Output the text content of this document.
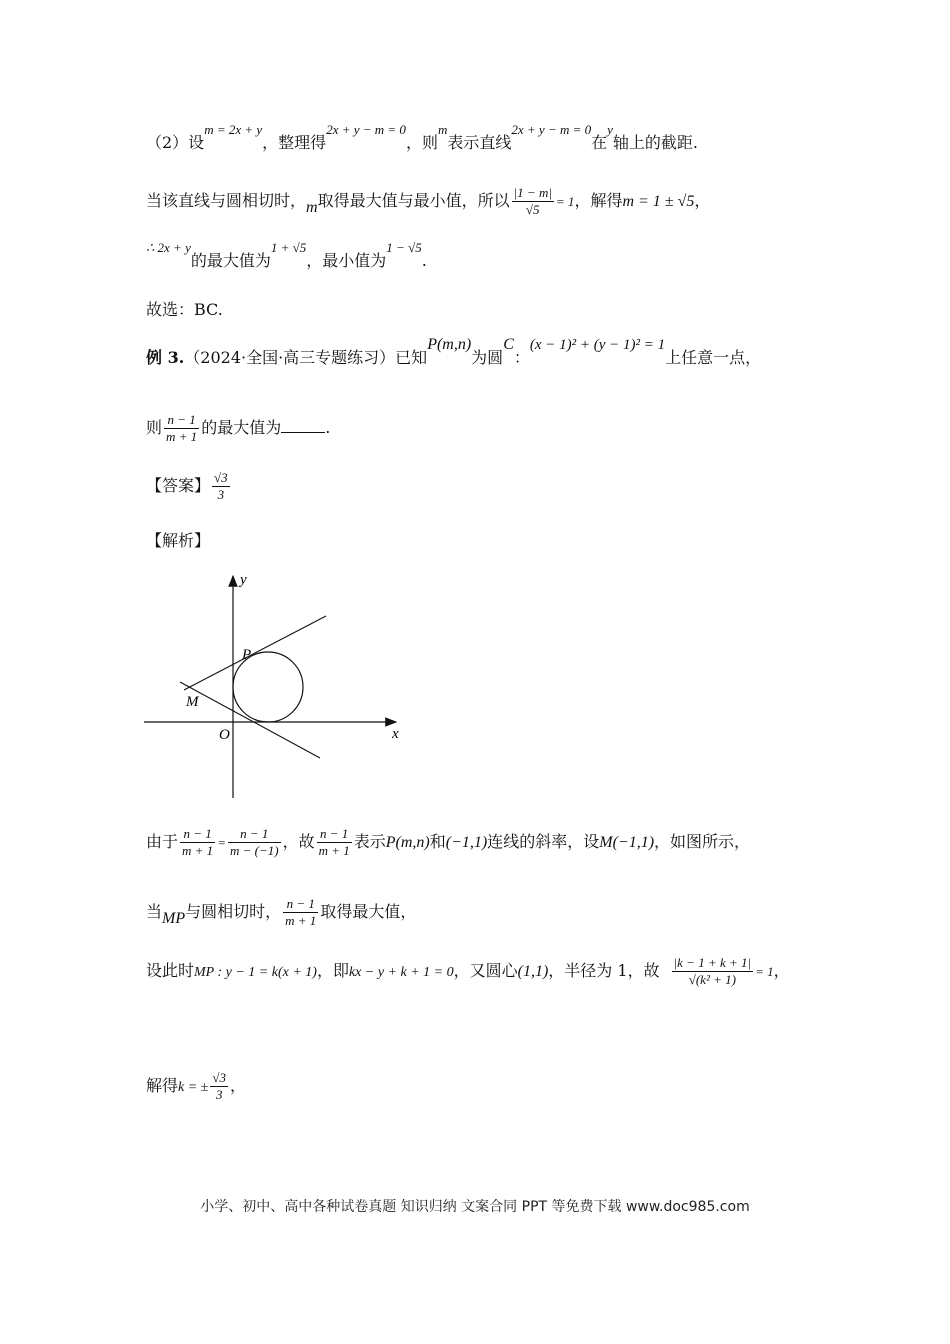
（2）设$^{m = 2x + y}$，整理得$^{2x + y - m = 0}$，则$^m$表示直线$^{2x + y - m = 0}$在$^y$轴上的截距.
当该直线与圆相切时，m取得最大值与最小值，所以 $\frac{|1 - m|}{√5} = 1$，解得m = 1 ± √5，
$^{\therefore 2x + y}$的最大值为$^{1 + √5}$，最小值为$^{1 - √5}$.
故选：BC.
例 3.（2024·全国·高三专题练习）已知P(m,n)为圆C：(x − 1)² + (y − 1)² = 1上任意一点，
则 $\frac{n - 1}{m + 1}$ 的最大值为	.
【答案】 $\frac{√3}{3}$
【解析】
y
x
O
P
M
由于 $\frac{n - 1}{m + 1} = \frac{n - 1}{m - (-1)}$ ，故 $\frac{n - 1}{m + 1}$ 表示P(m,n)和(−1,1)连线的斜率，设M(−1,1)，如图所示，
当MP与圆相切时， $\frac{n - 1}{m + 1}$ 取得最大值，
设此时MP : y − 1 = k(x + 1)，即kx − y + k + 1 = 0，又圆心(1,1)，半径为 1，故 $\frac{|k - 1 + k + 1|}{\text{√(k² + 1)}} = 1$，
解得k = ± $\frac{√3}{3}$ ，
小学、初中、高中各种试卷真题 知识归纳 文案合同 PPT 等免费下载 www.doc985.com
